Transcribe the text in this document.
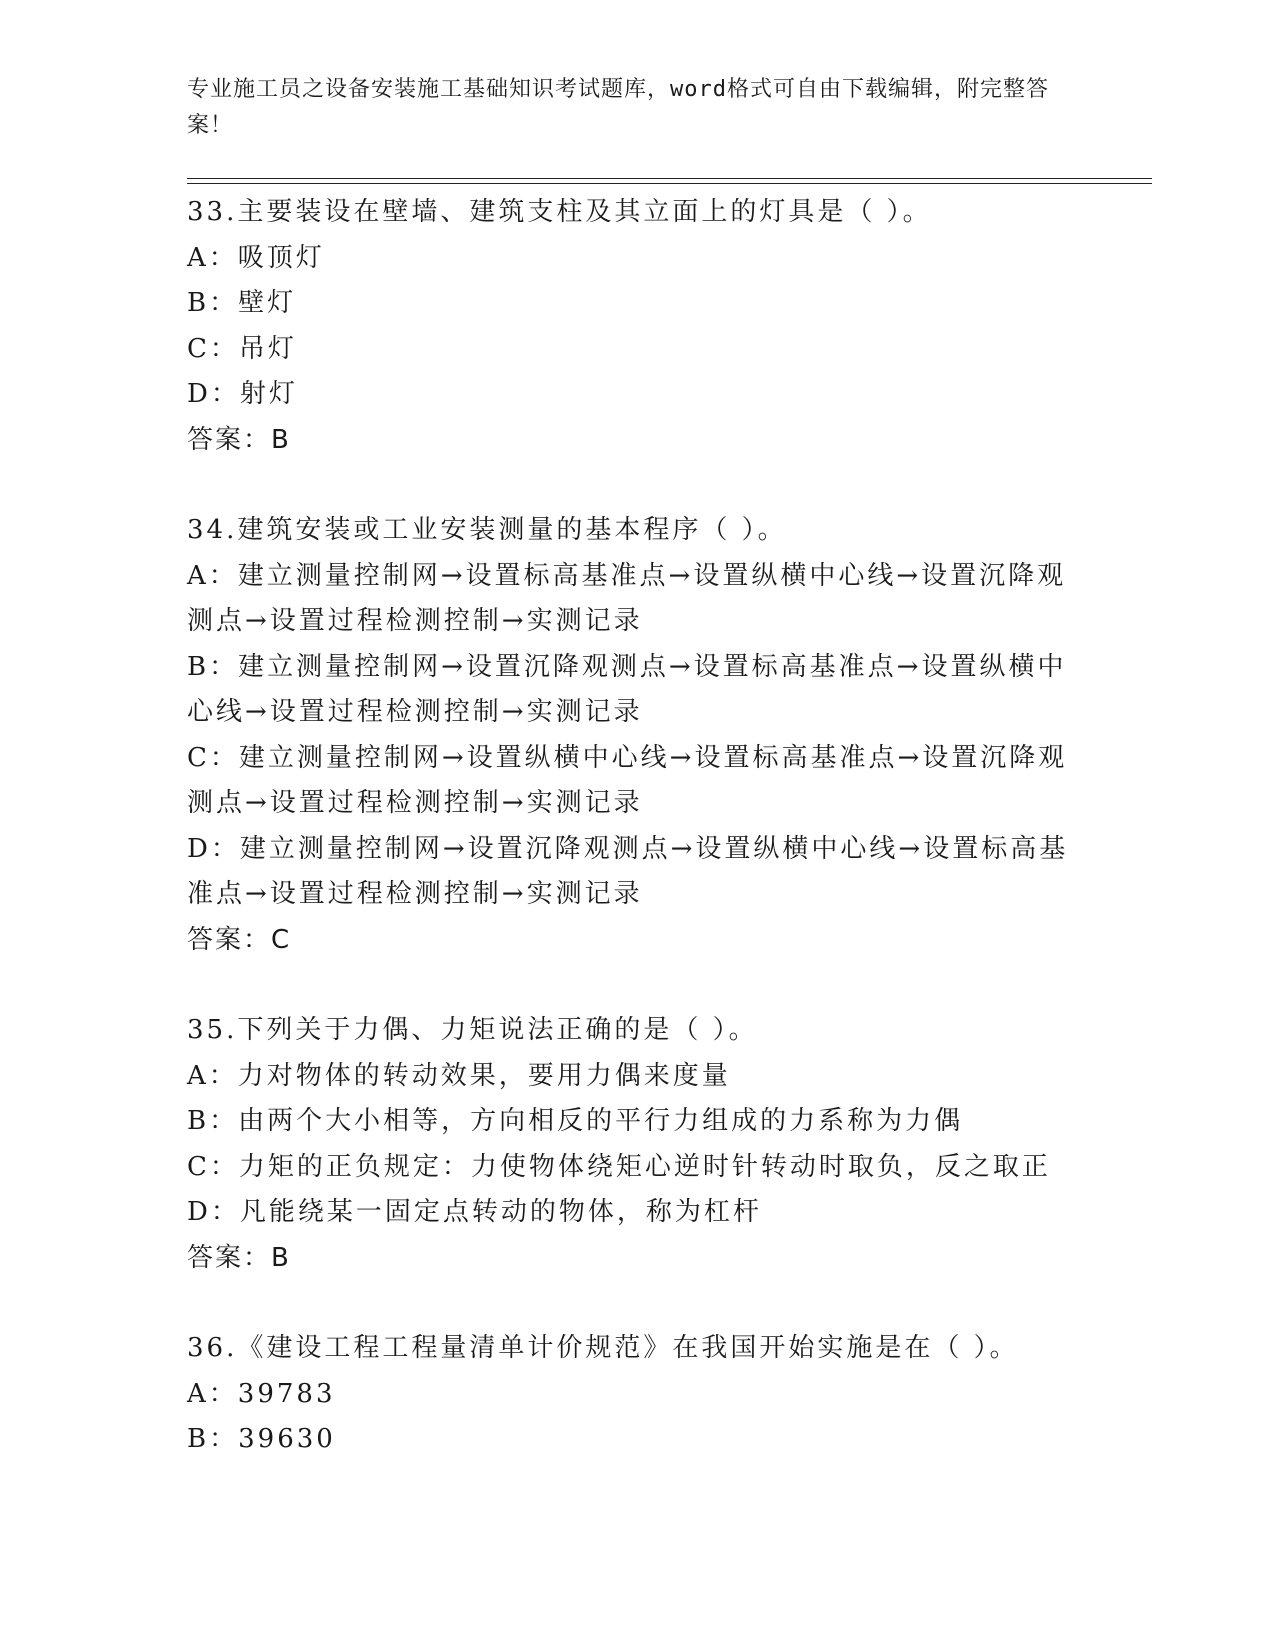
专业施工员之设备安装施工基础知识考试题库，word格式可自由下载编辑，附完整答案！
33.主要装设在壁墙、建筑支柱及其立面上的灯具是（ ）。
A：吸顶灯
B：壁灯
C：吊灯
D：射灯
答案：B
34.建筑安装或工业安装测量的基本程序（ ）。
A：建立测量控制网→设置标高基准点→设置纵横中心线→设置沉降观测点→设置过程检测控制→实测记录
B：建立测量控制网→设置沉降观测点→设置标高基准点→设置纵横中心线→设置过程检测控制→实测记录
C：建立测量控制网→设置纵横中心线→设置标高基准点→设置沉降观测点→设置过程检测控制→实测记录
D：建立测量控制网→设置沉降观测点→设置纵横中心线→设置标高基准点→设置过程检测控制→实测记录
答案：C
35.下列关于力偶、力矩说法正确的是（ ）。
A：力对物体的转动效果，要用力偶来度量
B：由两个大小相等，方向相反的平行力组成的力系称为力偶
C：力矩的正负规定：力使物体绕矩心逆时针转动时取负，反之取正
D：凡能绕某一固定点转动的物体，称为杠杆
答案：B
36.《建设工程工程量清单计价规范》在我国开始实施是在（ ）。
A：39783
B：39630
